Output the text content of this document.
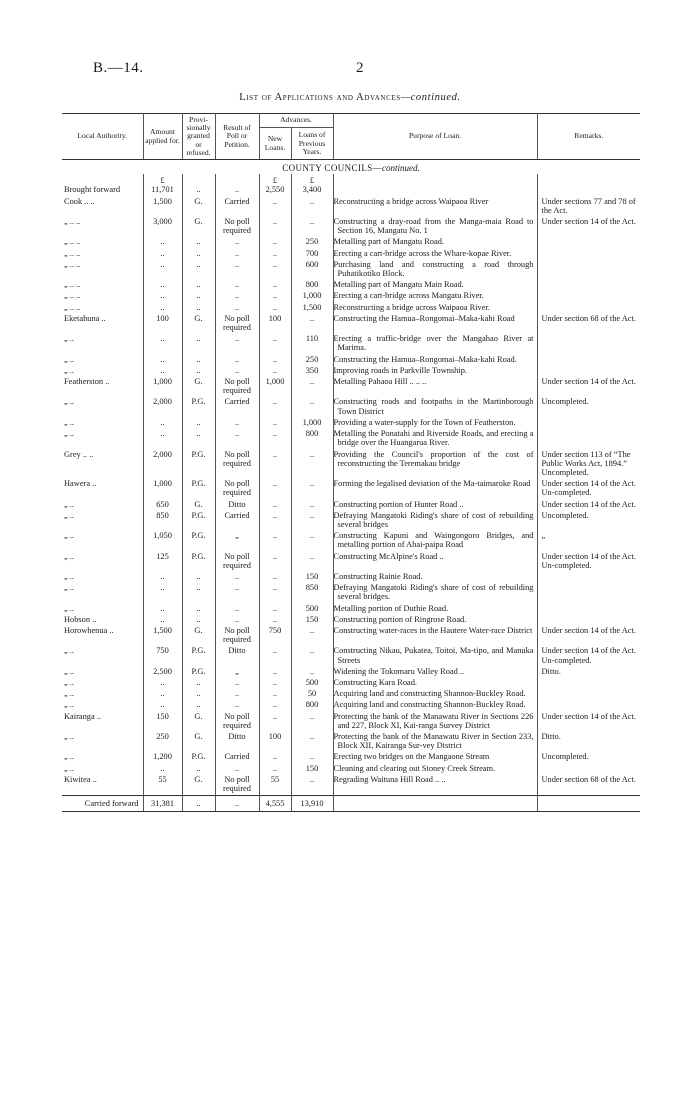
B.—14.	2
List of Applications and Advances—continued.
Local Authority.	Amount applied for.	Provi-sionally granted or refused.	Result of Poll or Petition.	Advances.		Purpose of Loan.	Remarks.
				New Loans.	Loans of Previous Years.		
COUNTY COUNCILS—continued.							
	£			£	£		
Brought forward	11,701	..	..	2,550	3,400		
Cook .. ..	1,500	G.	Carried	..	..	Reconstructing a bridge across Waipaoa River	Under sections 77 and 78 of the Act.
„ .. ..	3,000	G.	No poll required	..	..	Constructing a dray-road from the Manga-maia Road to Section 16, Mangatu No. 1	Under section 14 of the Act.
„ .. ..	..	..	..	..	250	Metalling part of Mangatu Road.	
„ .. ..	..	..	..	..	700	Erecting a cart-bridge across the Whare-kopae River.	
„ .. ..	..	..	..	..	600	Purchasing land and constructing a road through Puhatikotiko Block.	
„ .. ..	..	..	..	..	800	Metalling part of Mangatu Main Road.	
„ .. ..	..	..	..	..	1,000	Erecting a cart-bridge across Mangatu River.	
„ .. ..	..	..	..	..	1,500	Reconstructing a bridge across Waipaoa River.	
Eketahuna ..	100	G.	No poll required	100	..	Constructing the Hamua–Rongomai–Maka-kahi Road	Under section 68 of the Act.
„ ..	..	..	..	..	110	Erecting a traffic-bridge over the Mangahao River at Marima.	
„ ..	..	..	..	..	250	Constructing the Hamua–Rongomai–Maka-kahi Road.	
„ ..	..	..	..	..	350	Improving roads in Parkville Township.	
Featherston ..	1,000	G.	No poll required	1,000	..	Metalling Pahaoa Hill .. .. ..	Under section 14 of the Act.
„ ..	2,000	P.G.	Carried	..	..	Constructing roads and footpaths in the Martinborough Town District	Uncompleted.
„ ..	..	..	..	..	1,000	Providing a water-supply for the Town of Featherston.	
„ ..	..	..	..	..	800	Metalling the Ponatahi and Riverside Roads, and erecting a bridge over the Huangarua River.	
Grey .. ..	2,000	P.G.	No poll required	..	..	Providing the Council's proportion of the cost of reconstructing the Teremakau bridge	Under section 113 of “The Public Works Act, 1894.” Uncompleted.
Hawera ..	1,000	P.G.	No poll required	..	..	Forming the legalised deviation of the Ma-taimaroke Road	Under section 14 of the Act. Un-completed.
„ ..	650	G.	Ditto	..	..	Constructing portion of Hunter Road ..	Under section 14 of the Act.
„ ..	850	P.G.	Carried	..	..	Defraying Mangatoki Riding's share of cost of rebuilding several bridges	Uncompleted.
„ ..	1,050	P.G.	„	..	..	Constructing Kapuni and Waingongoro Bridges, and metalling portion of Ahai-paipa Road	„
„ ..	125	P.G.	No poll required	..	..	Constructing McAlpine's Road ..	Under section 14 of the Act. Un-completed.
„ ..	..	..	..	..	150	Constructing Rainie Road.	
„ ..	..	..	..	..	850	Defraying Mangatoki Riding's share of cost of rebuilding several bridges.	
„ ..	..	..	..	..	500	Metalling portion of Duthie Road.	
Hobson ..	..	..	..	..	150	Constructing portion of Ringrose Road.	
Horowhenua ..	1,500	G.	No poll required	750	..	Constructing water-races in the Hautere Water-race District	Under section 14 of the Act.
„ ..	750	P.G.	Ditto	..	..	Constructing Nikau, Pukatea, Toitoi, Ma-tipo, and Manuka Streets	Under section 14 of the Act. Un-completed.
„ ..	2,500	P.G.	„	..	..	Widening the Tokomaru Valley Road ..	Ditto.
„ ..	..	..	..	..	500	Constructing Kara Road.	
„ ..	..	..	..	..	50	Acquiring land and constructing Shannon-Buckley Road.	
„ ..	..	..	..	..	800	Acquiring land and constructing Shannon-Buckley Road.	
Kairanga ..	150	G.	No poll required	..	..	Protecting the bank of the Manawatu River in Sections 226 and 227, Block XI, Kai-ranga Survey District	Under section 14 of the Act.
„ ..	250	G.	Ditto	100	..	Protecting the bank of the Manawatu River in Section 233, Block XII, Kairanga Sur-vey District	Ditto.
„ ..	1,200	P.G.	Carried	..	..	Erecting two bridges on the Mangaone Stream	Uncompleted.
„ ..	..	..	..	..	150	Cleaning and clearing out Stoney Creek Stream.	
Kiwitea ..	55	G.	No poll required	55	..	Regrading Waituna Hill Road .. ..	Under section 68 of the Act.
Carried forward	31,381	..	..	4,555	13,910		
